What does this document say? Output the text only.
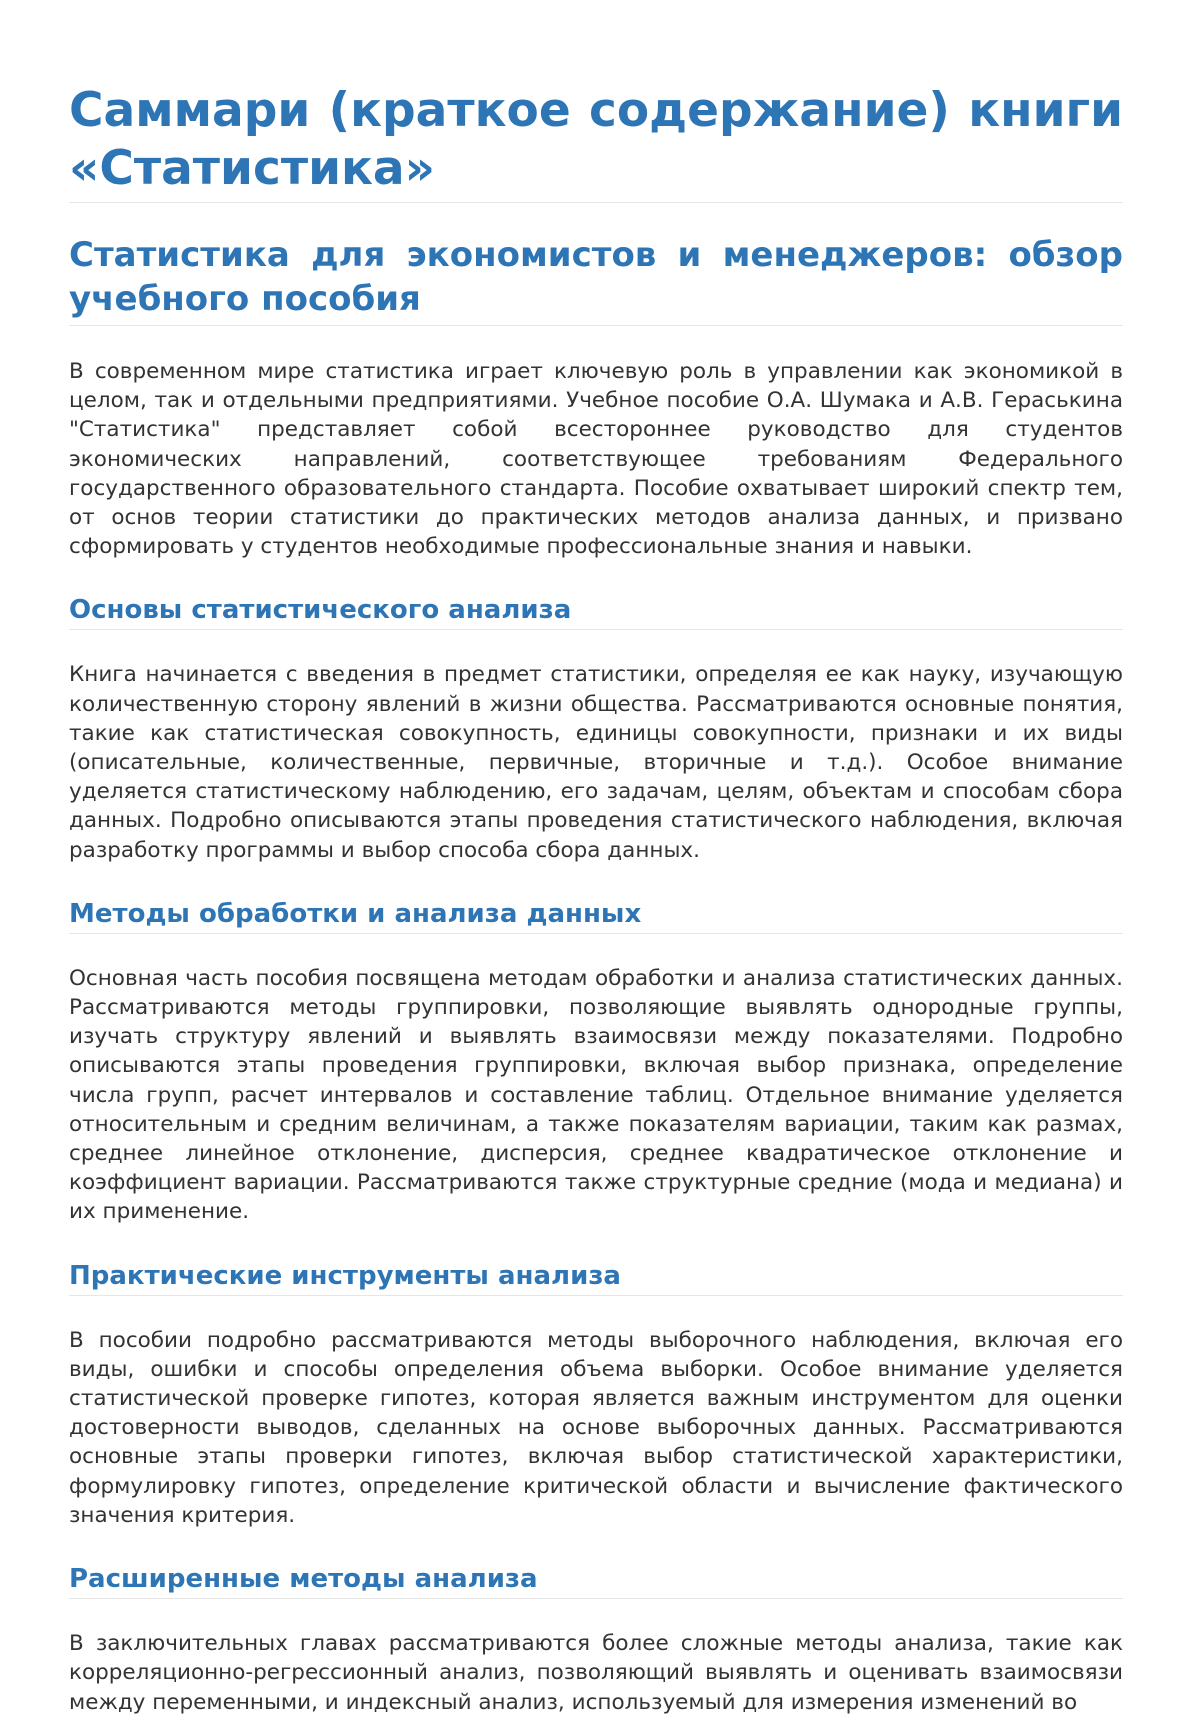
Саммари (краткое содержание) книги «Статистика»
Статистика для экономистов и менеджеров: обзор учебного пособия

В современном мире статистика играет ключевую роль в управлении как экономикой в целом, так и отдельными предприятиями. Учебное пособие О.А. Шумака и А.В. Гераськина "Статистика" представляет собой всестороннее руководство для студентов экономических направлений, соответствующее требованиям Федерального государственного образовательного стандарта. Пособие охватывает широкий спектр тем, от основ теории статистики до практических методов анализа данных, и призвано сформировать у студентов необходимые профессиональные знания и навыки.

Основы статистического анализа

Книга начинается с введения в предмет статистики, определяя ее как науку, изучающую количественную сторону явлений в жизни общества. Рассматриваются основные понятия, такие как статистическая совокупность, единицы совокупности, признаки и их виды (описательные, количественные, первичные, вторичные и т.д.). Особое внимание уделяется статистическому наблюдению, его задачам, целям, объектам и способам сбора данных. Подробно описываются этапы проведения статистического наблюдения, включая разработку программы и выбор способа сбора данных.

Методы обработки и анализа данных

Основная часть пособия посвящена методам обработки и анализа статистических данных. Рассматриваются методы группировки, позволяющие выявлять однородные группы, изучать структуру явлений и выявлять взаимосвязи между показателями. Подробно описываются этапы проведения группировки, включая выбор признака, определение числа групп, расчет интервалов и составление таблиц. Отдельное внимание уделяется относительным и средним величинам, а также показателям вариации, таким как размах, среднее линейное отклонение, дисперсия, среднее квадратическое отклонение и коэффициент вариации. Рассматриваются также структурные средние (мода и медиана) и их применение.

Практические инструменты анализа

В пособии подробно рассматриваются методы выборочного наблюдения, включая его виды, ошибки и способы определения объема выборки. Особое внимание уделяется статистической проверке гипотез, которая является важным инструментом для оценки достоверности выводов, сделанных на основе выборочных данных. Рассматриваются основные этапы проверки гипотез, включая выбор статистической характеристики, формулировку гипотез, определение критической области и вычисление фактического значения критерия.

Расширенные методы анализа

В заключительных главах рассматриваются более сложные методы анализа, такие как корреляционно-регрессионный анализ, позволяющий выявлять и оценивать взаимосвязи между переменными, и индексный анализ, используемый для измерения изменений во
